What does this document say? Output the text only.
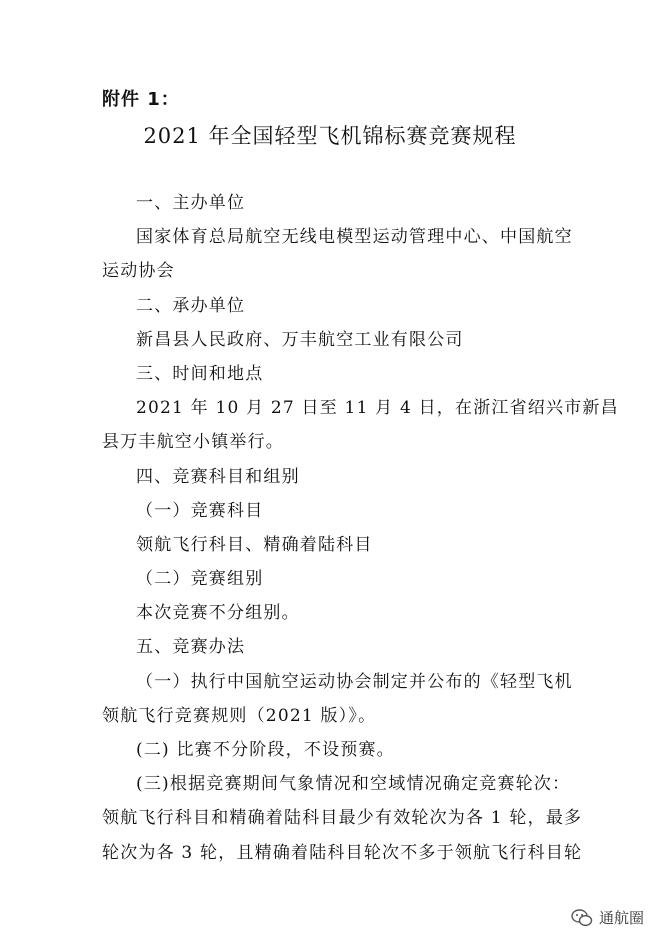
附件 1：
2021 年全国轻型飞机锦标赛竞赛规程
一、主办单位
国家体育总局航空无线电模型运动管理中心、中国航空
运动协会
二、承办单位
新昌县人民政府、万丰航空工业有限公司
三、时间和地点
2021 年 10 月 27 日至 11 月 4 日，在浙江省绍兴市新昌
县万丰航空小镇举行。
四、竞赛科目和组别
（一）竞赛科目
领航飞行科目、精确着陆科目
（二）竞赛组别
本次竞赛不分组别。
五、竞赛办法
（一）执行中国航空运动协会制定并公布的《轻型飞机
领航飞行竞赛规则（2021 版）》。
(二) 比赛不分阶段，不设预赛。
(三)根据竞赛期间气象情况和空域情况确定竞赛轮次：
领航飞行科目和精确着陆科目最少有效轮次为各 1 轮，最多
轮次为各 3 轮，且精确着陆科目轮次不多于领航飞行科目轮
通航圈
